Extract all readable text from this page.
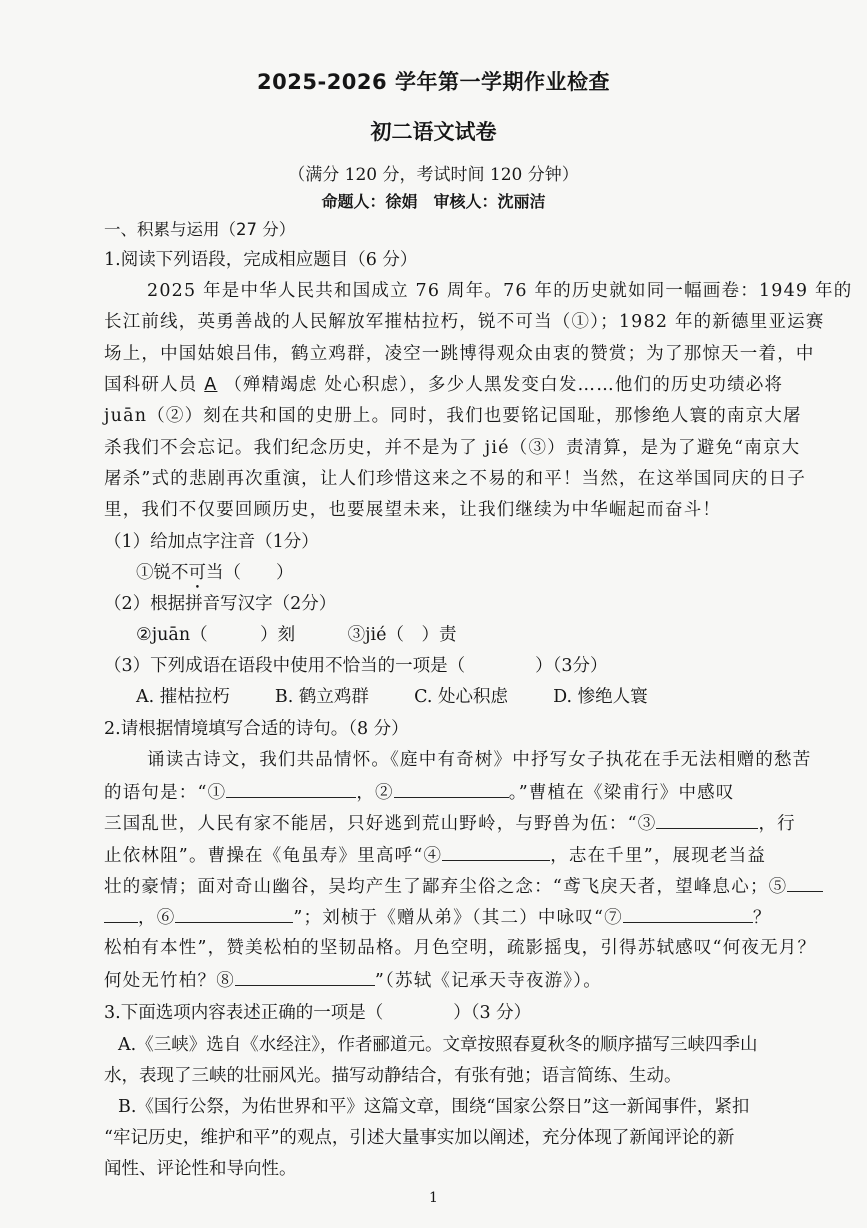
2025-2026 学年第一学期作业检查
初二语文试卷
（满分 120 分，考试时间 120 分钟）
命题人：徐娟　审核人：沈丽洁
一、积累与运用（27 分）
1.阅读下列语段，完成相应题目（6 分）
2025 年是中华人民共和国成立 76 周年。76 年的历史就如同一幅画卷：1949 年的
长江前线，英勇善战的人民解放军摧枯拉朽，锐不可当（①）；1982 年的新德里亚运赛
场上，中国姑娘吕伟，鹤立鸡群，凌空一跳博得观众由衷的赞赏；为了那惊天一着，中
国科研人员 A （殚精竭虑 处心积虑），多少人黑发变白发……他们的历史功绩必将
juān（②）刻在共和国的史册上。同时，我们也要铭记国耻，那惨绝人寰的南京大屠
杀我们不会忘记。我们纪念历史，并不是为了 jié（③）责清算，是为了避免“南京大
屠杀”式的悲剧再次重演，让人们珍惜这来之不易的和平！当然，在这举国同庆的日子
里，我们不仅要回顾历史，也要展望未来，让我们继续为中华崛起而奋斗！
（1）给加点字注音（1分）
①锐不可当（　　）
（2）根据拼音写汉字（2分）
②juān（　　　）刻　　　③jié（　）责
（3）下列成语在语段中使用不恰当的一项是（　　　　）（3分）
A. 摧枯拉朽	B. 鹤立鸡群	C. 处心积虑	D. 惨绝人寰
2.请根据情境填写合适的诗句。（8 分）
诵读古诗文，我们共品情怀。《庭中有奇树》中抒写女子执花在手无法相赠的愁苦
的语句是：“①	，②	。”曹植在《梁甫行》中感叹
三国乱世，人民有家不能居，只好逃到荒山野岭，与野兽为伍：“③	，行
止依林阻”。曹操在《龟虽寿》里高呼“④	，志在千里”，展现老当益
壮的豪情；面对奇山幽谷，吴均产生了鄙弃尘俗之念：“鸢飞戾天者，望峰息心；⑤
，⑥	”；刘桢于《赠从弟》（其二）中咏叹“⑦	？
松柏有本性”，赞美松柏的坚韧品格。月色空明，疏影摇曳，引得苏轼感叹“何夜无月？
何处无竹柏？⑧	”（苏轼《记承天寺夜游》）。
3.下面选项内容表述正确的一项是（　　　　）（3 分）
A.《三峡》选自《水经注》，作者郦道元。文章按照春夏秋冬的顺序描写三峡四季山
水，表现了三峡的壮丽风光。描写动静结合，有张有弛；语言简练、生动。
B.《国行公祭，为佑世界和平》这篇文章，围绕“国家公祭日”这一新闻事件，紧扣
“牢记历史，维护和平”的观点，引述大量事实加以阐述，充分体现了新闻评论的新
闻性、评论性和导向性。
1
